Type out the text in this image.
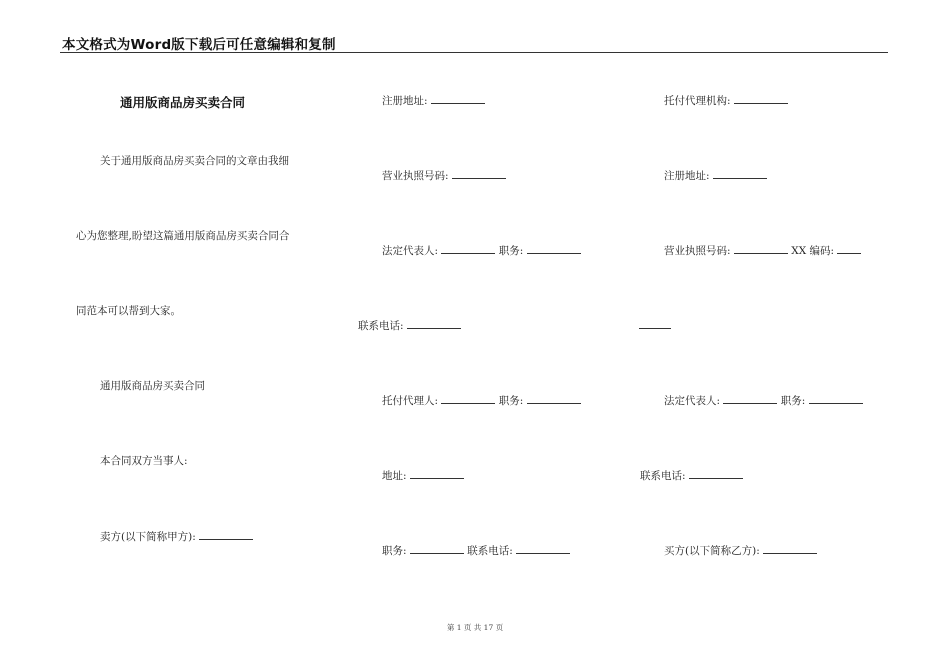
本文格式为Word版下载后可任意编辑和复制
通用版商品房买卖合同
关于通用版商品房买卖合同的文章由我细
心为您整理,盼望这篇通用版商品房买卖合同合
同范本可以帮到大家。
通用版商品房买卖合同
本合同双方当事人:
卖方(以下简称甲方):
注册地址:
营业执照号码:
法定代表人:	职务:
联系电话:
托付代理人:	职务:
地址:
职务:	联系电话:
托付代理机构:
注册地址:
营业执照号码:	XX 编码:
法定代表人:	职务:
联系电话:
买方(以下简称乙方):
第 1 页 共 17 页
